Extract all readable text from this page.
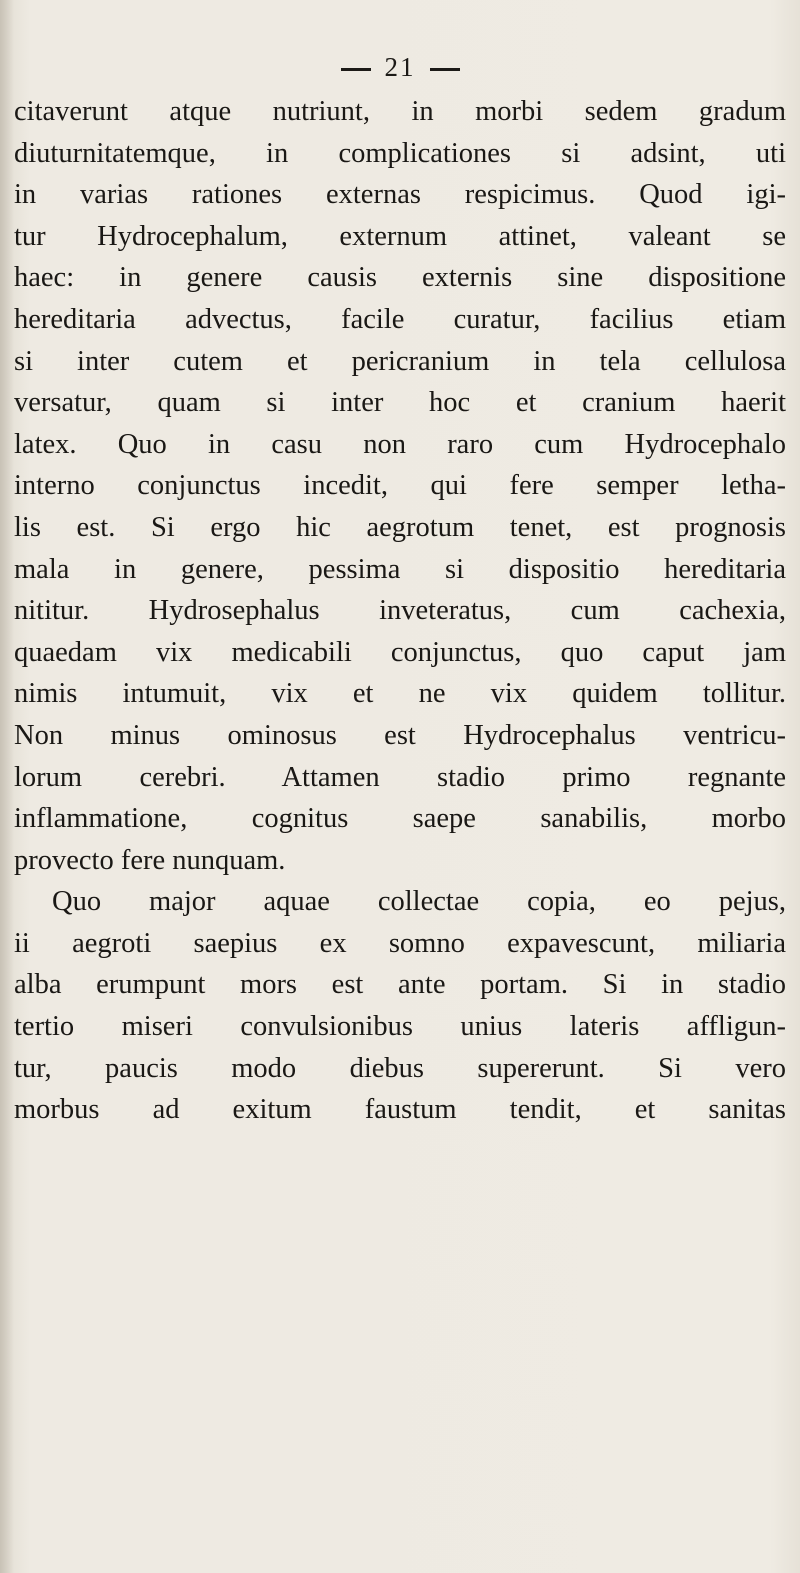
21
citaverunt atque nutriunt, in morbi sedem gradum
diuturnitatemque, in complicationes si adsint, uti
in varias rationes externas respicimus. Quod igi-
tur Hydrocephalum, externum attinet, valeant se
haec: in genere causis externis sine dispositione
hereditaria advectus, facile curatur, facilius etiam
si inter cutem et pericranium in tela cellulosa
versatur, quam si inter hoc et cranium haerit
latex. Quo in casu non raro cum Hydrocephalo
interno conjunctus incedit, qui fere semper letha-
lis est. Si ergo hic aegrotum tenet, est prognosis
mala in genere, pessima si dispositio hereditaria
nititur. Hydrosephalus inveteratus, cum cachexia,
quaedam vix medicabili conjunctus, quo caput jam
nimis intumuit, vix et ne vix quidem tollitur.
Non minus ominosus est Hydrocephalus ventricu-
lorum cerebri. Attamen stadio primo regnante
inflammatione, cognitus saepe sanabilis, morbo
provecto fere nunquam.
Quo major aquae collectae copia, eo pejus,
ii aegroti saepius ex somno expavescunt, miliaria
alba erumpunt mors est ante portam. Si in stadio
tertio miseri convulsionibus unius lateris affligun-
tur, paucis modo diebus supererunt. Si vero
morbus ad exitum faustum tendit, et sanitas
